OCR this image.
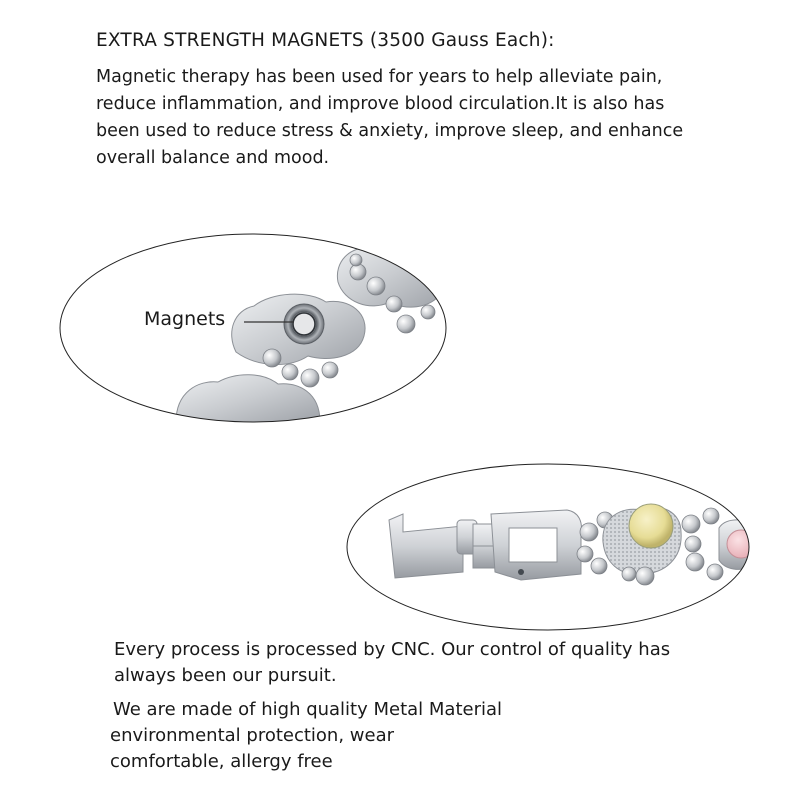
EXTRA STRENGTH MAGNETS (3500 Gauss Each):
Magnetic therapy has been used for years to help alleviate pain,
reduce inflammation, and improve blood circulation.It is also has
been used to reduce stress & anxiety, improve sleep, and enhance
overall balance and mood.
Magnets
Every process is processed by CNC. Our control of quality has
always been our pursuit.
We are made of high quality Metal Material
environmental protection, wear
comfortable, allergy free
